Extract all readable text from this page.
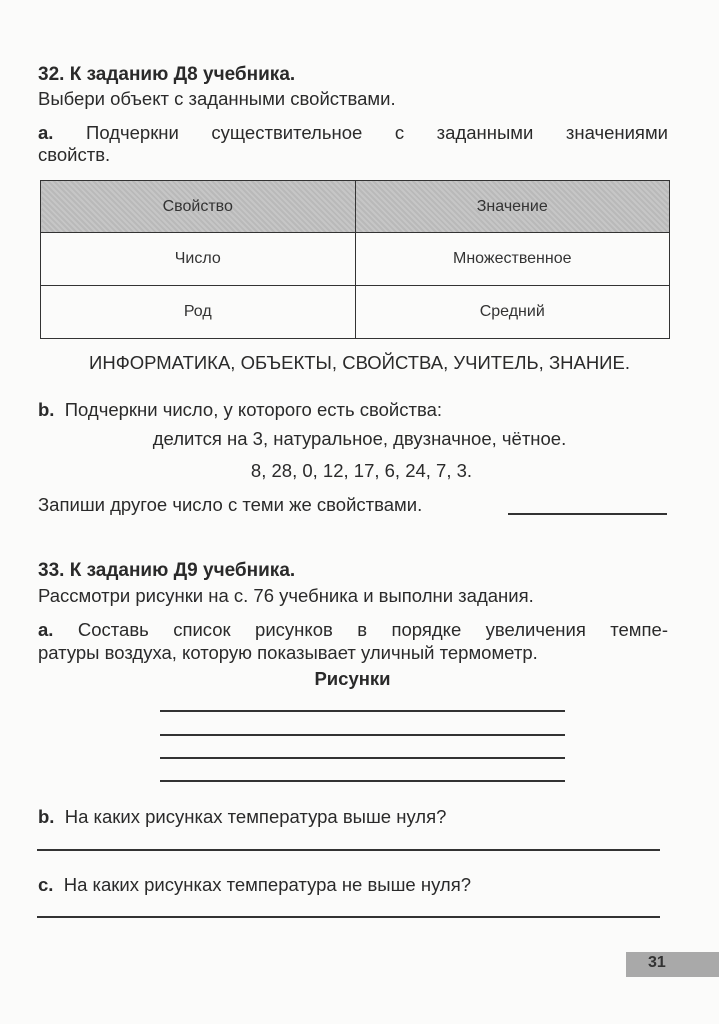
32. К заданию Д8 учебника.
Выбери объект с заданными свойствами.
а. Подчеркни существительное с заданными значениями
свойств.
Свойство	Значение
Число	Множественное
Род	Средний
ИНФОРМАТИКА, ОБЪЕКТЫ, СВОЙСТВА, УЧИТЕЛЬ, ЗНАНИЕ.
b. Подчеркни число, у которого есть свойства:
делится на 3, натуральное, двузначное, чётное.
8, 28, 0, 12, 17, 6, 24, 7, 3.
Запиши другое число с теми же свойствами.
33. К заданию Д9 учебника.
Рассмотри рисунки на с. 76 учебника и выполни задания.
а. Составь список рисунков в порядке увеличения темпе-
ратуры воздуха, которую показывает уличный термометр.
Рисунки
b. На каких рисунках температура выше нуля?
c. На каких рисунках температура не выше нуля?
31
